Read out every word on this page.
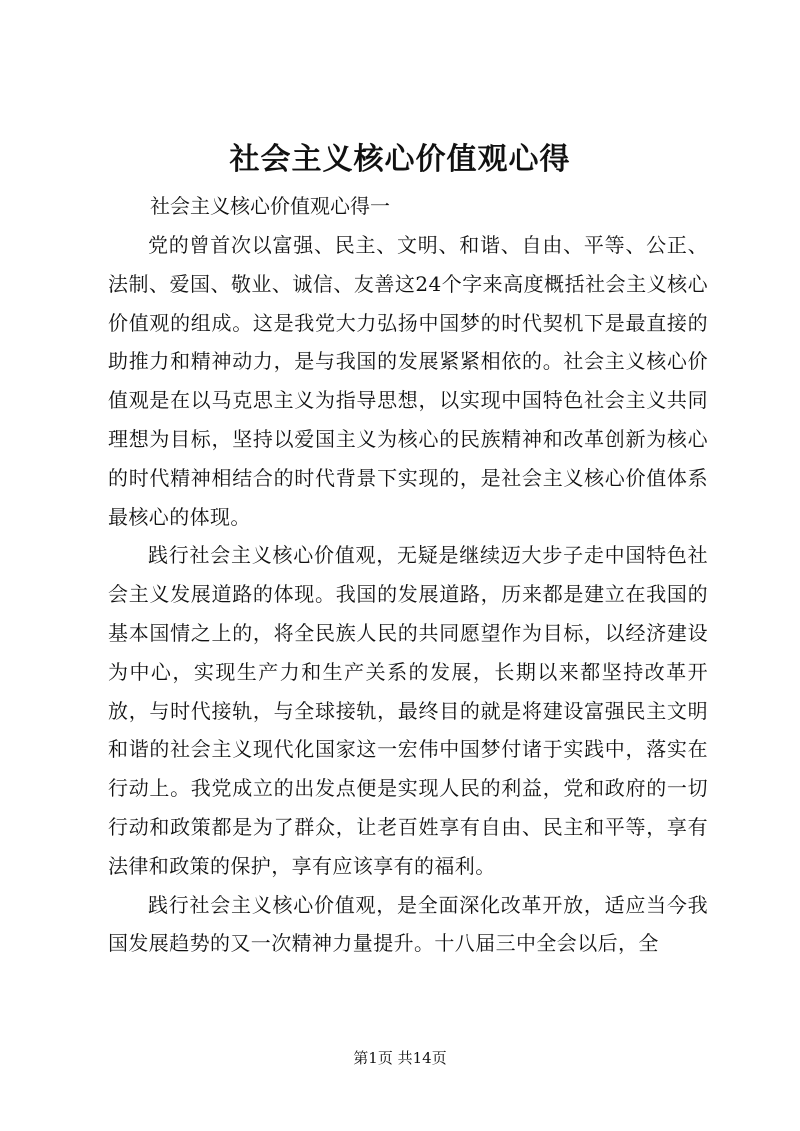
社会主义核心价值观心得

社会主义核心价值观心得一

党的曾首次以富强、民主、文明、和谐、自由、平等、公正、法制、爱国、敬业、诚信、友善这24个字来高度概括社会主义核心价值观的组成。这是我党大力弘扬中国梦的时代契机下是最直接的助推力和精神动力，是与我国的发展紧紧相依的。社会主义核心价值观是在以马克思主义为指导思想，以实现中国特色社会主义共同理想为目标，坚持以爱国主义为核心的民族精神和改革创新为核心的时代精神相结合的时代背景下实现的，是社会主义核心价值体系最核心的体现。

践行社会主义核心价值观，无疑是继续迈大步子走中国特色社会主义发展道路的体现。我国的发展道路，历来都是建立在我国的基本国情之上的，将全民族人民的共同愿望作为目标，以经济建设为中心，实现生产力和生产关系的发展，长期以来都坚持改革开放，与时代接轨，与全球接轨，最终目的就是将建设富强民主文明和谐的社会主义现代化国家这一宏伟中国梦付诸于实践中，落实在行动上。我党成立的出发点便是实现人民的利益，党和政府的一切行动和政策都是为了群众，让老百姓享有自由、民主和平等，享有法律和政策的保护，享有应该享有的福利。

践行社会主义核心价值观，是全面深化改革开放，适应当今我国发展趋势的又一次精神力量提升。十八届三中全会以后，全

第1页 共14页
